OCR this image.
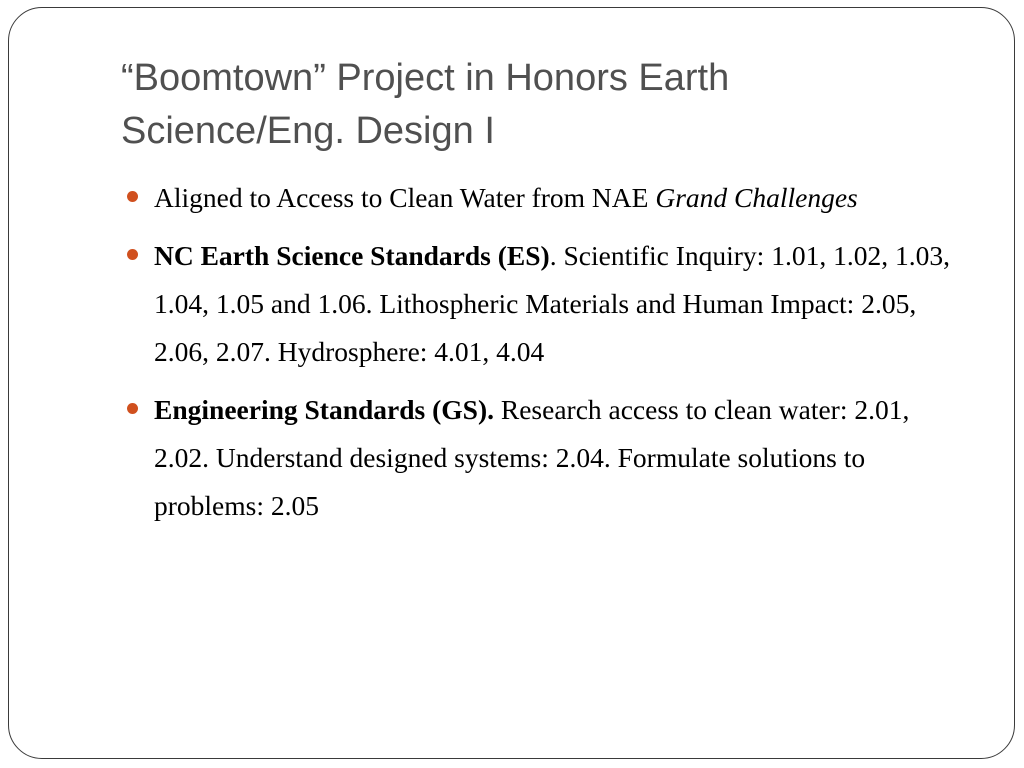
“Boomtown” Project in Honors Earth
Science/Eng. Design I
Aligned to Access to Clean Water from NAE Grand Challenges
NC Earth Science Standards (ES). Scientific Inquiry: 1.01, 1.02, 1.03, 1.04, 1.05 and 1.06. Lithospheric Materials and Human Impact: 2.05, 2.06, 2.07. Hydrosphere: 4.01, 4.04
Engineering Standards (GS). Research access to clean water: 2.01, 2.02. Understand designed systems: 2.04. Formulate solutions to problems: 2.05
